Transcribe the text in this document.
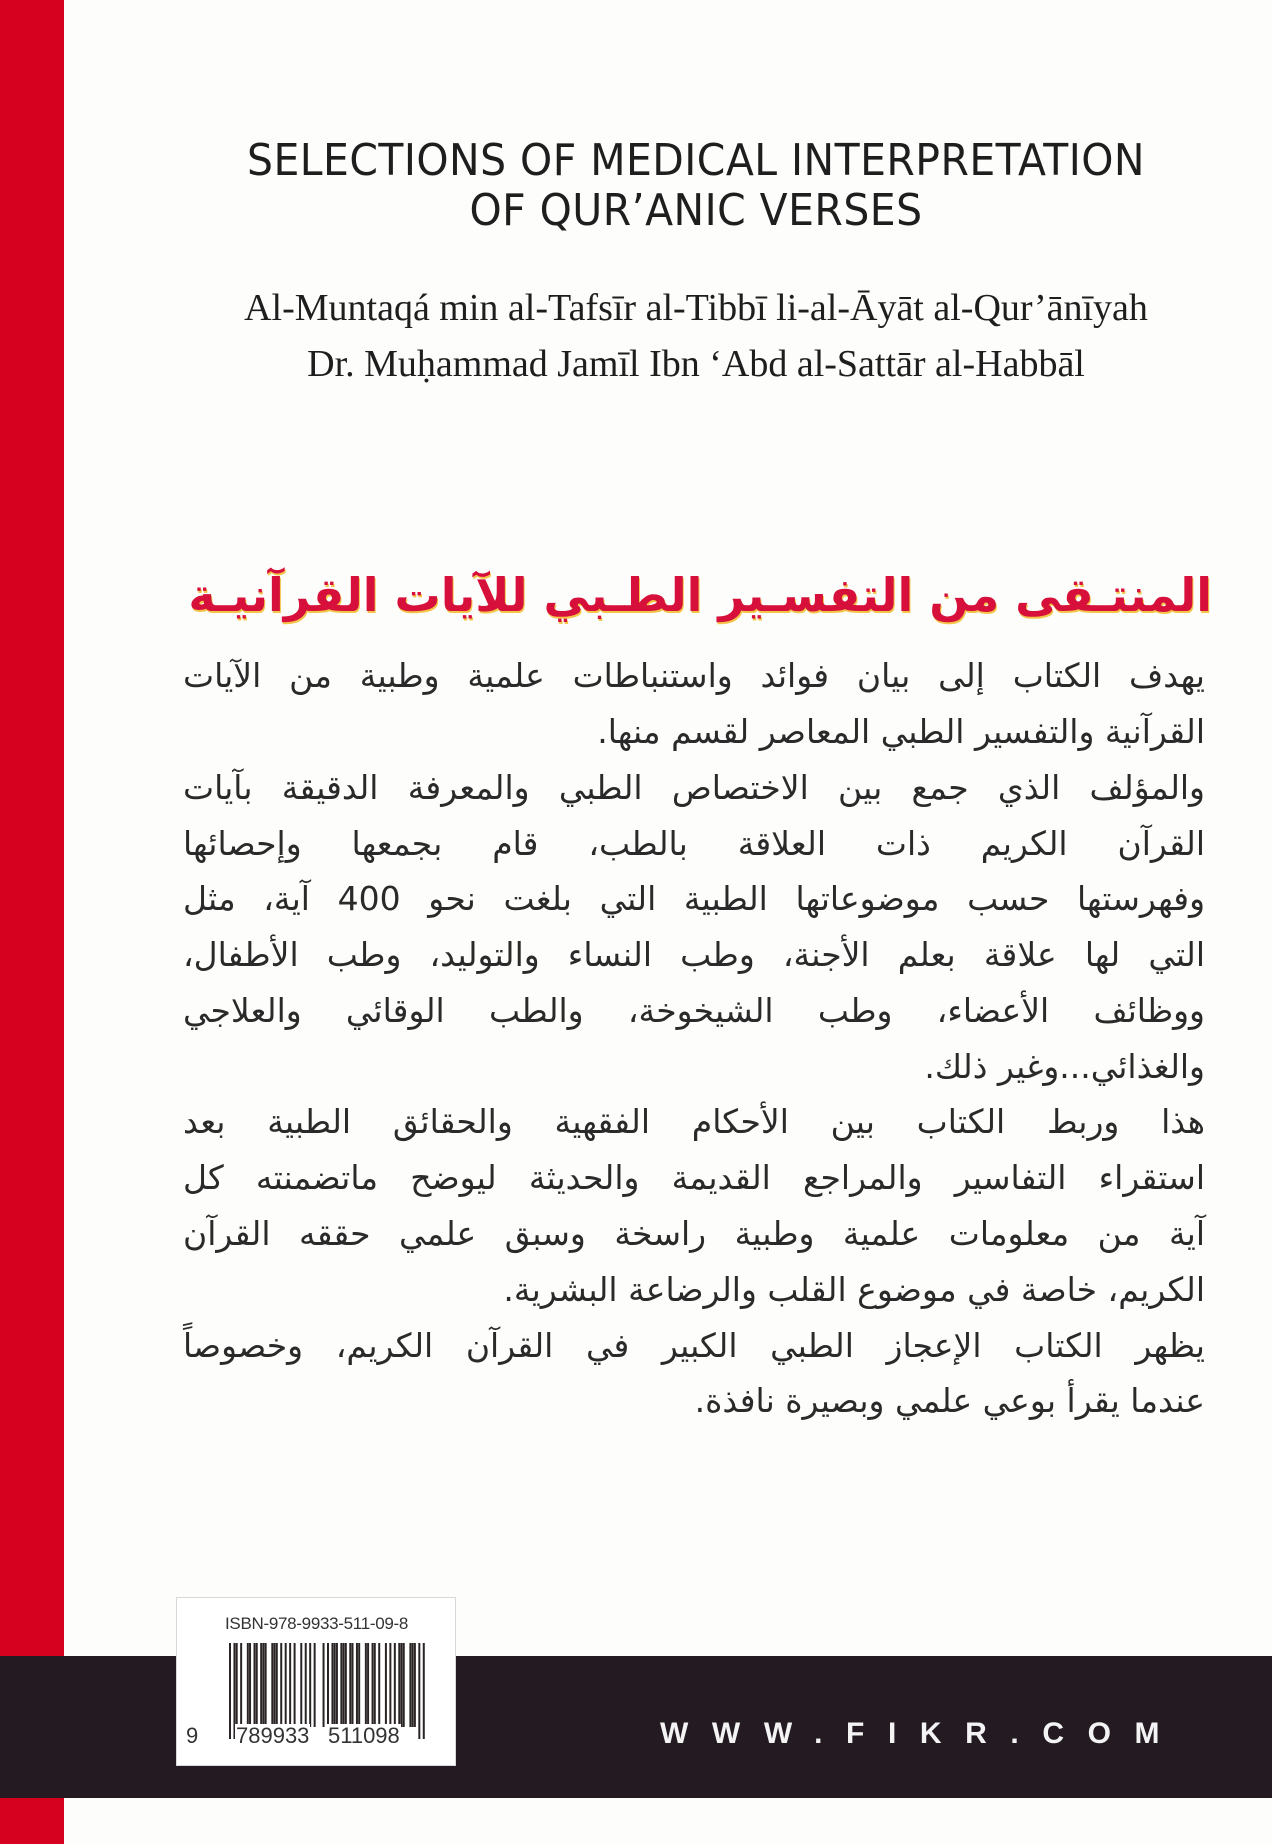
SELECTIONS OF MEDICAL INTERPRETATION
OF QUR’ANIC VERSES
Al-Muntaqá min al-Tafsīr al-Tibbī li-al-Āyāt al-Qur’ānīyah
Dr. Muḥammad Jamīl Ibn ‘Abd al-Sattār al-Habbāl
المنتـقى من التفسـير الطـبي للآيات القرآنيـة
يهدف الكتاب إلى بيان فوائد واستنباطات علمية وطبية من الآيات
القرآنية والتفسير الطبي المعاصر لقسم منها.
والمؤلف الذي جمع بين الاختصاص الطبي والمعرفة الدقيقة بآيات
القرآن الكريم ذات العلاقة بالطب، قام بجمعها وإحصائها
وفهرستها حسب موضوعاتها الطبية التي بلغت نحو 400 آية، مثل
التي لها علاقة بعلم الأجنة، وطب النساء والتوليد، وطب الأطفال،
ووظائف الأعضاء، وطب الشيخوخة، والطب الوقائي والعلاجي
والغذائي...وغير ذلك.
هذا وربط الكتاب بين الأحكام الفقهية والحقائق الطبية بعد
استقراء التفاسير والمراجع القديمة والحديثة ليوضح ماتضمنته كل
آية من معلومات علمية وطبية راسخة وسبق علمي حققه القرآن
الكريم، خاصة في موضوع القلب والرضاعة البشرية.
يظهر الكتاب الإعجاز الطبي الكبير في القرآن الكريم، وخصوصاً
عندما يقرأ بوعي علمي وبصيرة نافذة.
WWW.FIKR.COM
ISBN-978-9933-511-09-8
9 789933 511098
